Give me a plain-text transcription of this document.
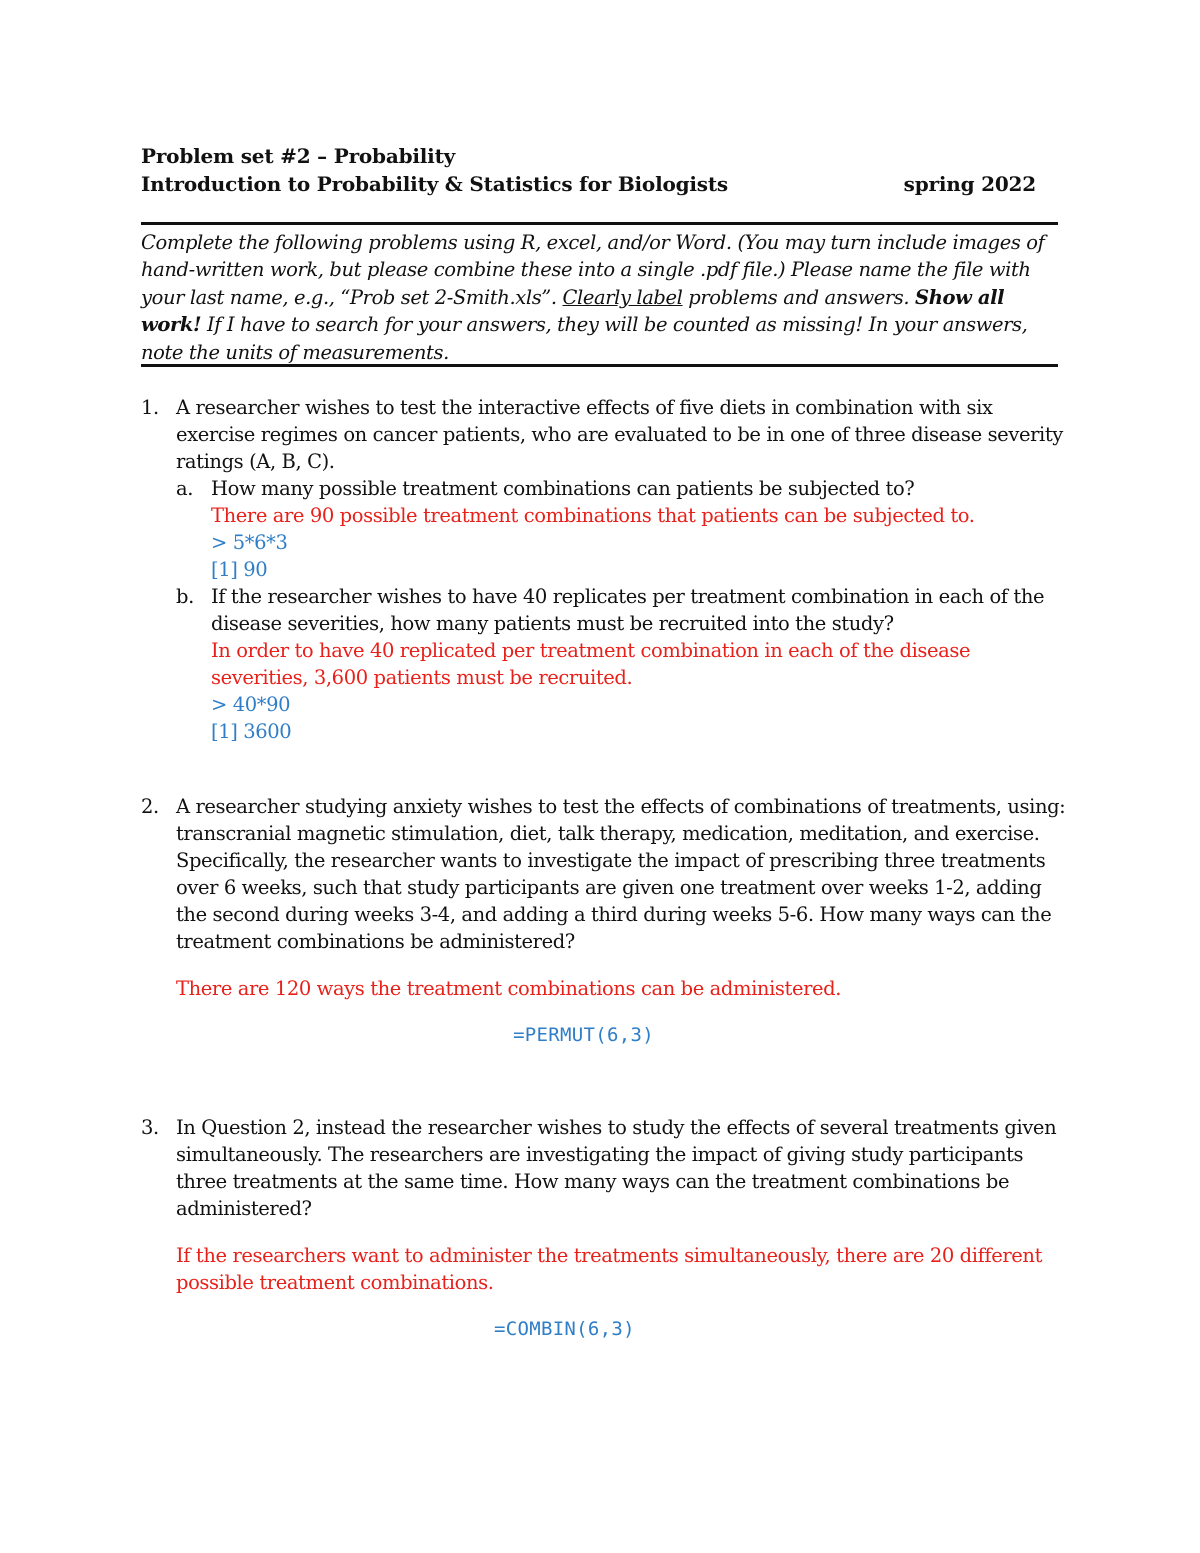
Problem set #2 – Probability
Introduction to Probability & Statistics for Biologists	spring 2022
Complete the following problems using R, excel, and/or Word. (You may turn include images of hand-written work, but please combine these into a single .pdf file.) Please name the file with your last name, e.g., “Prob set 2-Smith.xls”. Clearly label problems and answers. Show all work! If I have to search for your answers, they will be counted as missing! In your answers, note the units of measurements.
1. A researcher wishes to test the interactive effects of five diets in combination with six exercise regimes on cancer patients, who are evaluated to be in one of three disease severity ratings (A, B, C).
a. How many possible treatment combinations can patients be subjected to?
There are 90 possible treatment combinations that patients can be subjected to.
> 5*6*3
[1] 90
b. If the researcher wishes to have 40 replicates per treatment combination in each of the disease severities, how many patients must be recruited into the study?
In order to have 40 replicated per treatment combination in each of the disease severities, 3,600 patients must be recruited.
> 40*90
[1] 3600
2. A researcher studying anxiety wishes to test the effects of combinations of treatments, using: transcranial magnetic stimulation, diet, talk therapy, medication, meditation, and exercise. Specifically, the researcher wants to investigate the impact of prescribing three treatments over 6 weeks, such that study participants are given one treatment over weeks 1-2, adding the second during weeks 3-4, and adding a third during weeks 5-6. How many ways can the treatment combinations be administered?
There are 120 ways the treatment combinations can be administered.
=PERMUT(6,3)
3. In Question 2, instead the researcher wishes to study the effects of several treatments given simultaneously. The researchers are investigating the impact of giving study participants three treatments at the same time. How many ways can the treatment combinations be administered?
If the researchers want to administer the treatments simultaneously, there are 20 different possible treatment combinations.
=COMBIN(6,3)
